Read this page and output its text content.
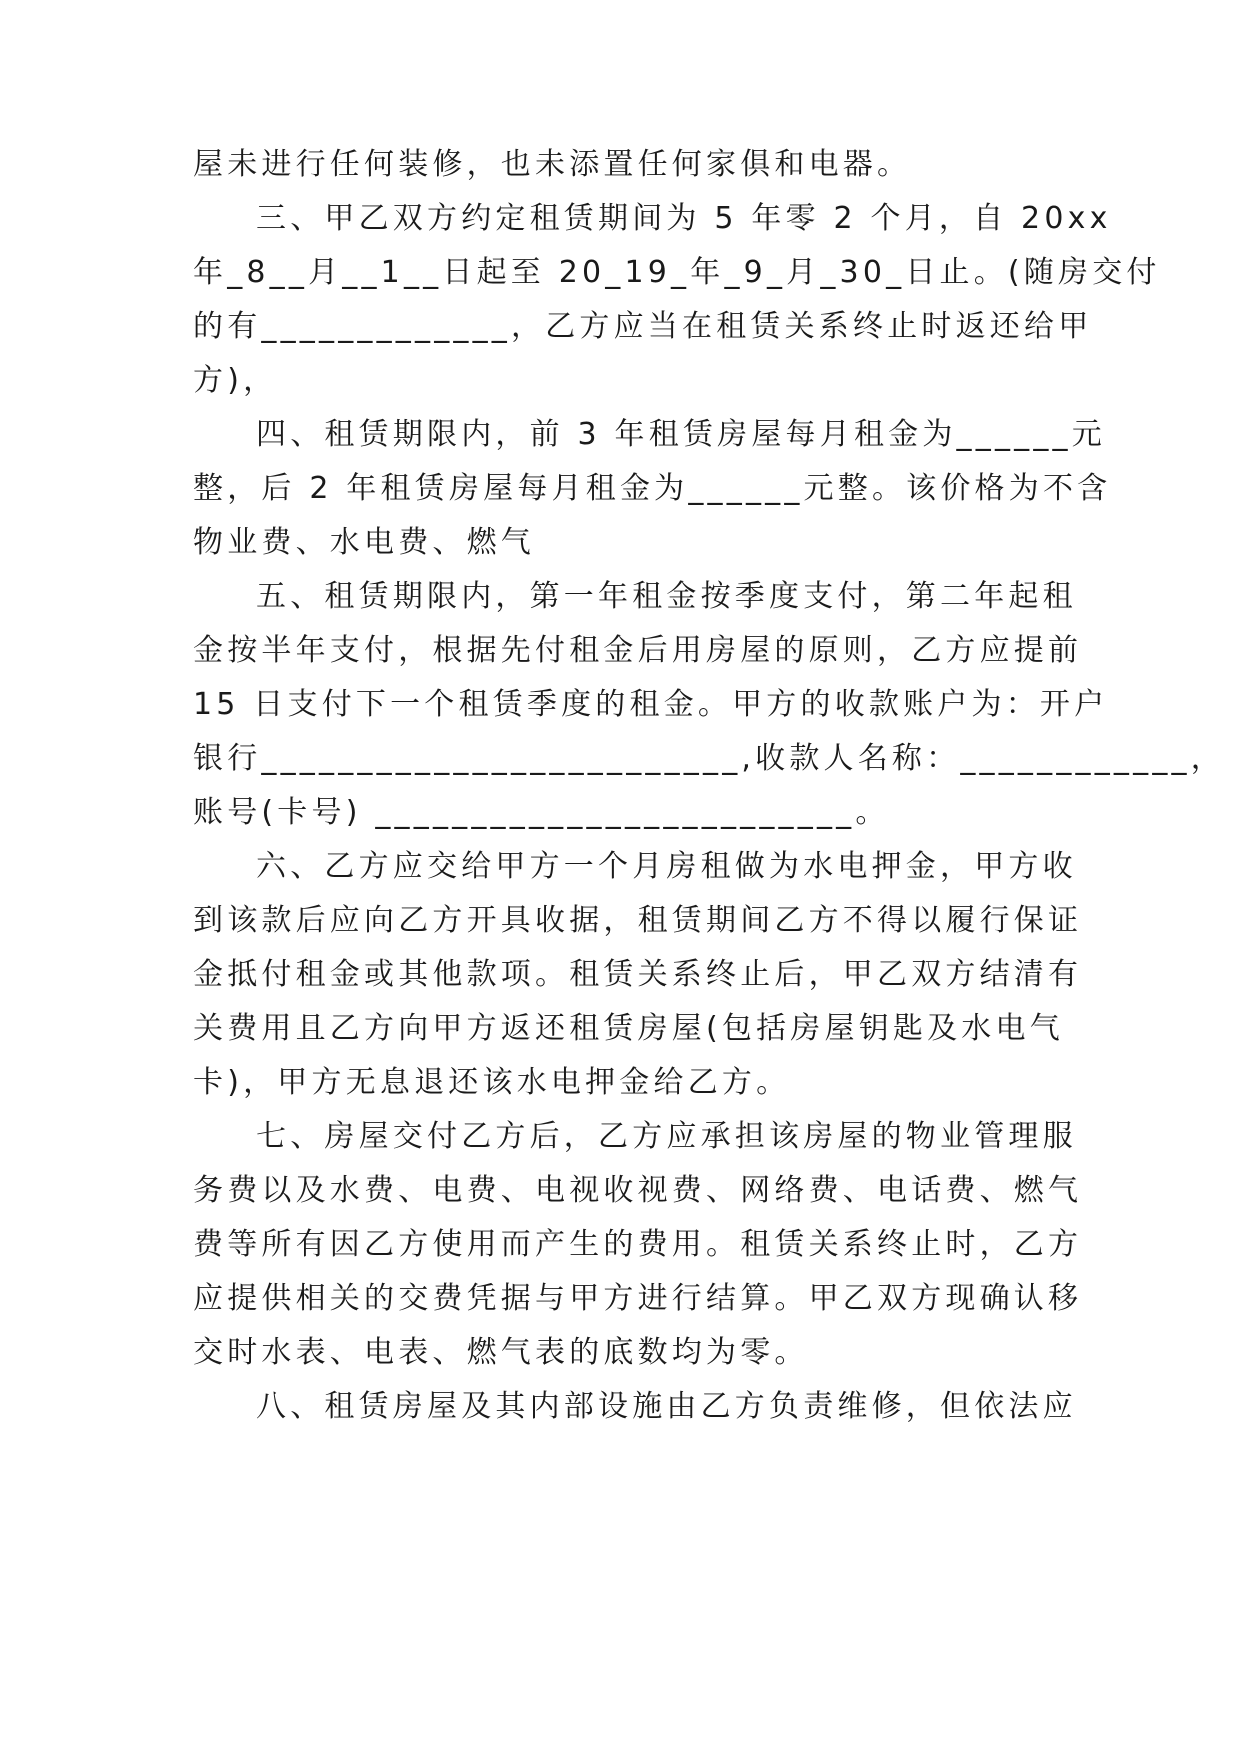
屋未进行任何装修，也未添置任何家俱和电器。
三、甲乙双方约定租赁期间为 5 年零 2 个月，自 20xx
年_8__月__1__日起至 20_19_年_9_月_30_日止。(随房交付
的有_____________，乙方应当在租赁关系终止时返还给甲
方)，
四、租赁期限内，前 3 年租赁房屋每月租金为______元
整，后 2 年租赁房屋每月租金为______元整。该价格为不含
物业费、水电费、燃气
五、租赁期限内，第一年租金按季度支付，第二年起租
金按半年支付，根据先付租金后用房屋的原则，乙方应提前
15 日支付下一个租赁季度的租金。甲方的收款账户为：开户
银行_________________________,收款人名称：____________，
账号(卡号) _________________________。
六、乙方应交给甲方一个月房租做为水电押金，甲方收
到该款后应向乙方开具收据，租赁期间乙方不得以履行保证
金抵付租金或其他款项。租赁关系终止后，甲乙双方结清有
关费用且乙方向甲方返还租赁房屋(包括房屋钥匙及水电气
卡)，甲方无息退还该水电押金给乙方。
七、房屋交付乙方后，乙方应承担该房屋的物业管理服
务费以及水费、电费、电视收视费、网络费、电话费、燃气
费等所有因乙方使用而产生的费用。租赁关系终止时，乙方
应提供相关的交费凭据与甲方进行结算。甲乙双方现确认移
交时水表、电表、燃气表的底数均为零。
八、租赁房屋及其内部设施由乙方负责维修，但依法应
